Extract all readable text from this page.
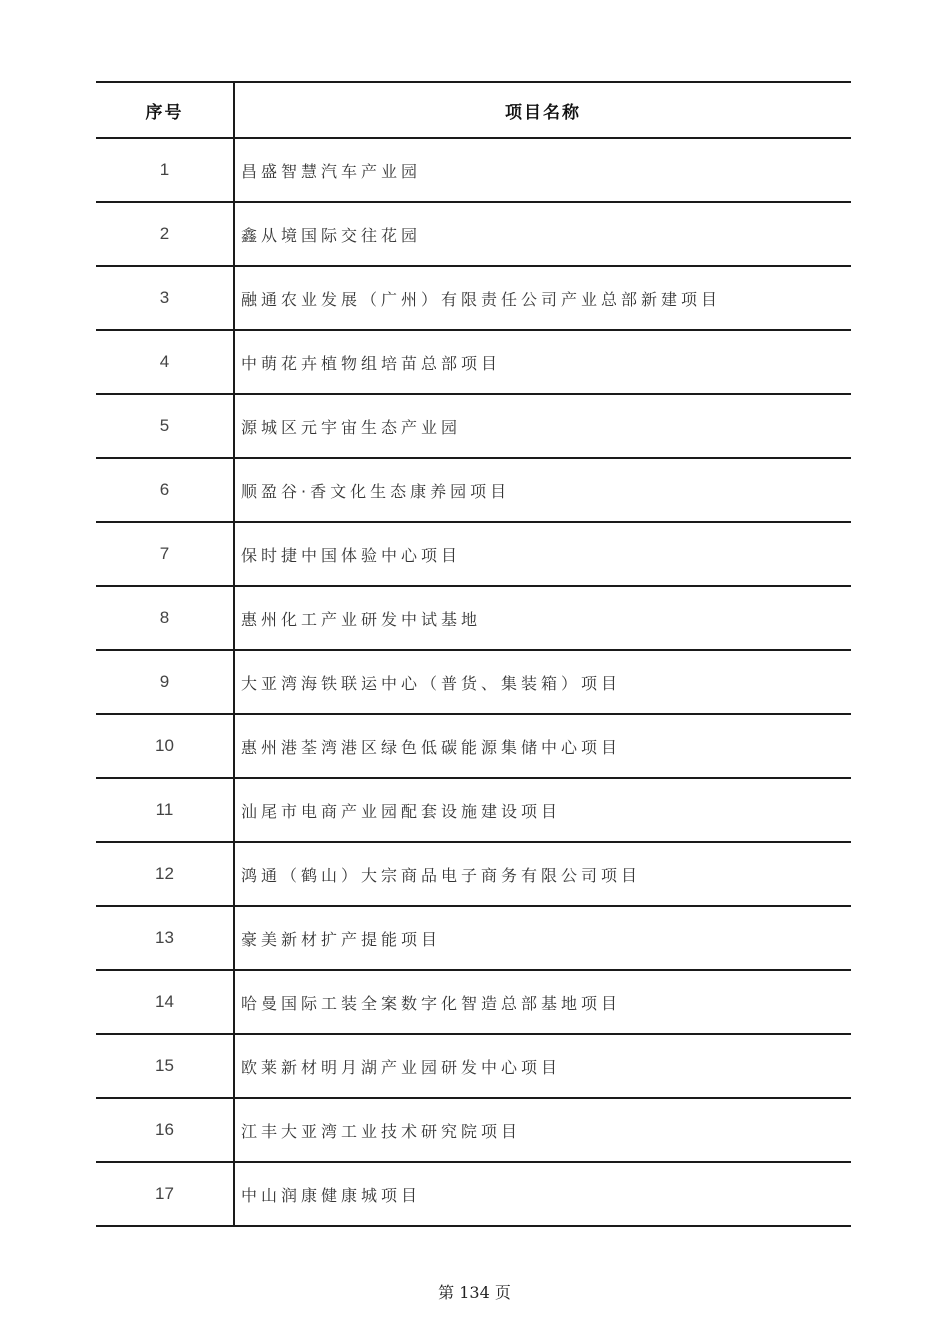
序号	项目名称
1	昌盛智慧汽车产业园
2	鑫从境国际交往花园
3	融通农业发展（广州）有限责任公司产业总部新建项目
4	中萌花卉植物组培苗总部项目
5	源城区元宇宙生态产业园
6	顺盈谷·香文化生态康养园项目
7	保时捷中国体验中心项目
8	惠州化工产业研发中试基地
9	大亚湾海铁联运中心（普货、集装箱）项目
10	惠州港荃湾港区绿色低碳能源集储中心项目
11	汕尾市电商产业园配套设施建设项目
12	鸿通（鹤山）大宗商品电子商务有限公司项目
13	豪美新材扩产提能项目
14	哈曼国际工装全案数字化智造总部基地项目
15	欧莱新材明月湖产业园研发中心项目
16	江丰大亚湾工业技术研究院项目
17	中山润康健康城项目
第 134 页
